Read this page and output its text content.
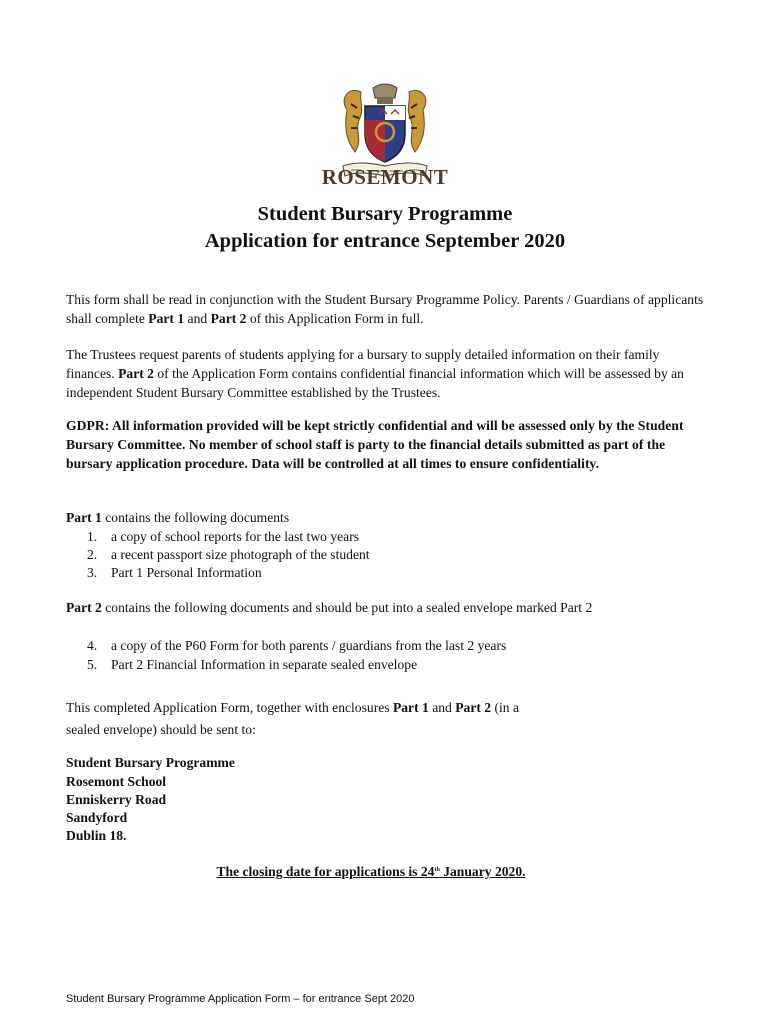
ROSEMONT
Student Bursary Programme
Application for entrance September 2020

This form shall be read in conjunction with the Student Bursary Programme Policy. Parents / Guardians of applicants shall complete Part 1 and Part 2 of this Application Form in full.

The Trustees request parents of students applying for a bursary to supply detailed information on their family finances. Part 2 of the Application Form contains confidential financial information which will be assessed by an independent Student Bursary Committee established by the Trustees.

GDPR: All information provided will be kept strictly confidential and will be assessed only by the Student Bursary Committee. No member of school staff is party to the financial details submitted as part of the bursary application procedure. Data will be controlled at all times to ensure confidentiality.

Part 1 contains the following documents

1. a copy of school reports for the last two years
2. a recent passport size photograph of the student
3. Part 1 Personal Information

Part 2 contains the following documents and should be put into a sealed envelope marked Part 2

4. a copy of the P60 Form for both parents / guardians from the last 2 years
5. Part 2 Financial Information in separate sealed envelope

This completed Application Form, together with enclosures Part 1 and Part 2 (in a

sealed envelope) should be sent to:

Student Bursary Programme
Rosemont School
Enniskerry Road
Sandyford
Dublin 18.
The closing date for applications is 24th January 2020.
Student Bursary Programme Application Form – for entrance Sept 2020
